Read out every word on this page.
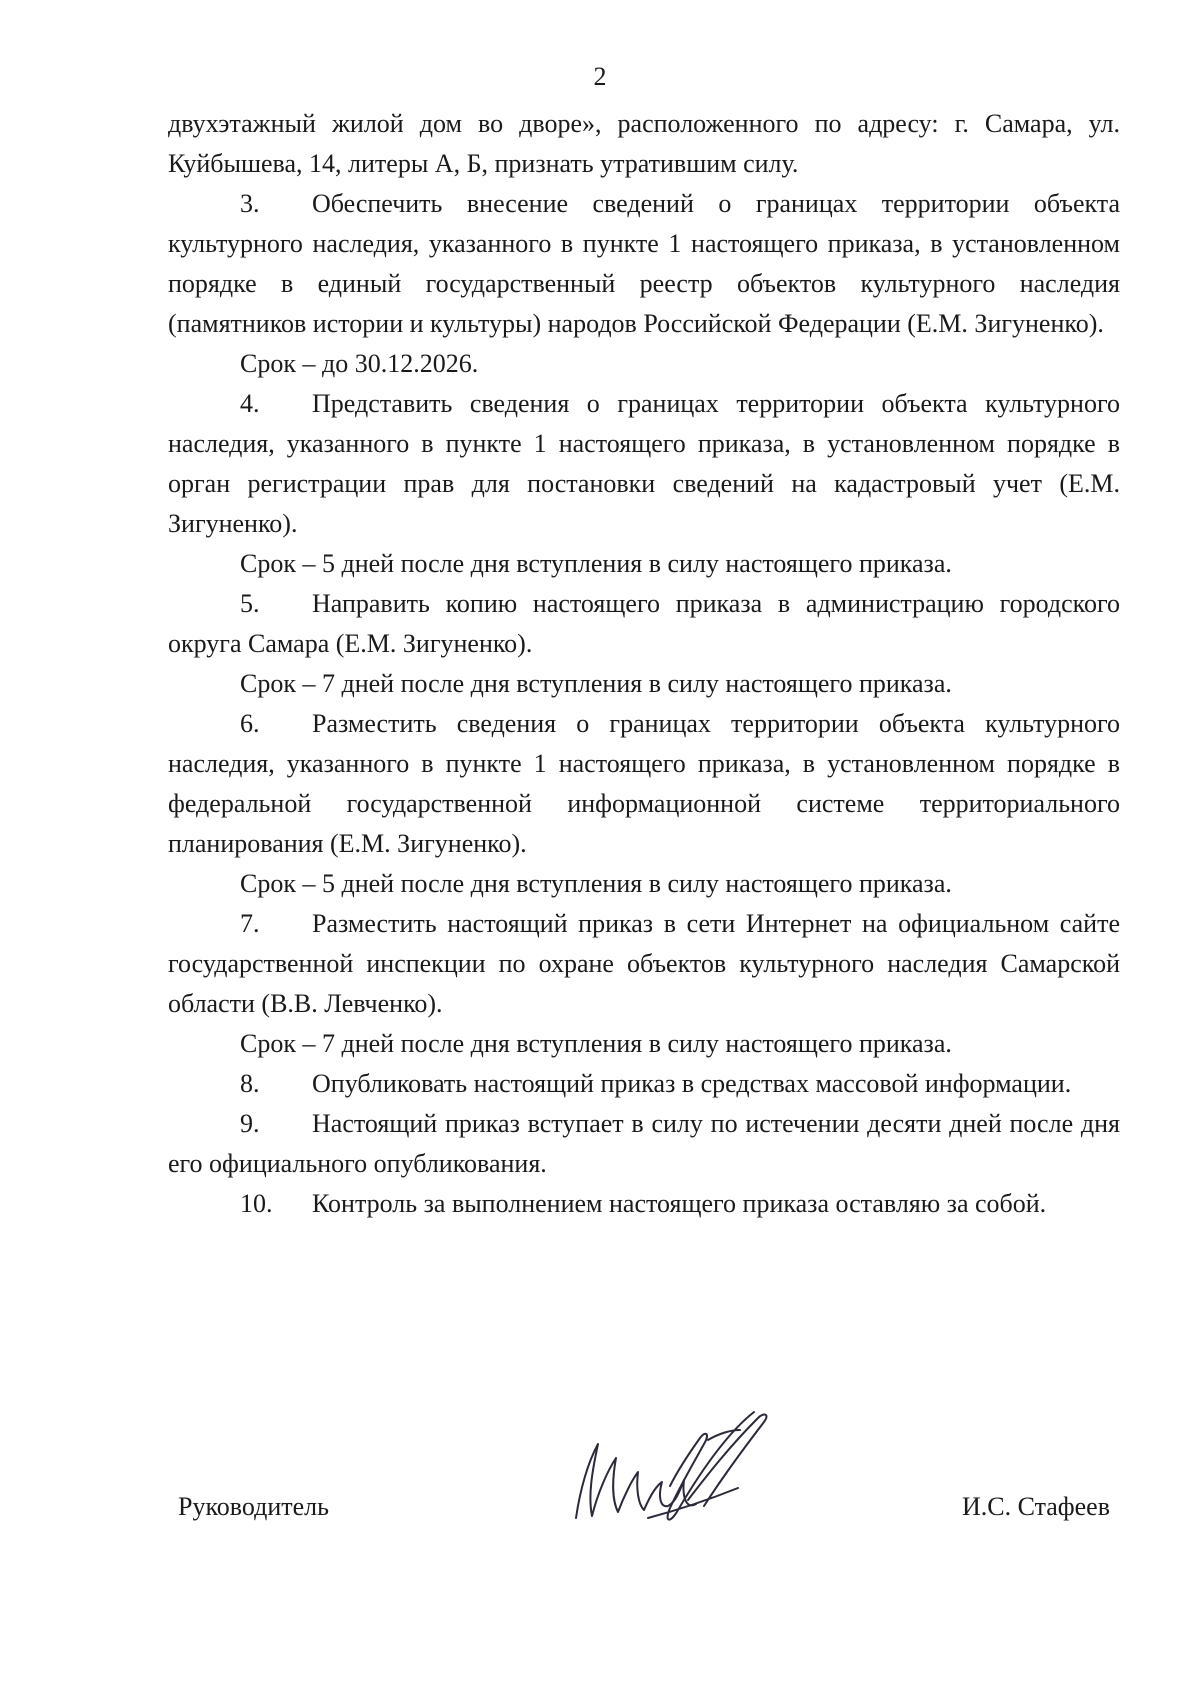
2

двухэтажный жилой дом во дворе», расположенного по адресу: г. Самара, ул. Куйбышева, 14, литеры А, Б, признать утратившим силу.

3. Обеспечить внесение сведений о границах территории объекта культурного наследия, указанного в пункте 1 настоящего приказа, в установленном порядке в единый государственный реестр объектов культурного наследия (памятников истории и культуры) народов Российской Федерации (Е.М. Зигуненко).

Срок – до 30.12.2026.

4. Представить сведения о границах территории объекта культурного наследия, указанного в пункте 1 настоящего приказа, в установленном порядке в орган регистрации прав для постановки сведений на кадастровый учет (Е.М. Зигуненко).

Срок – 5 дней после дня вступления в силу настоящего приказа.

5. Направить копию настоящего приказа в администрацию городского округа Самара (Е.М. Зигуненко).

Срок – 7 дней после дня вступления в силу настоящего приказа.

6. Разместить сведения о границах территории объекта культурного наследия, указанного в пункте 1 настоящего приказа, в установленном порядке в федеральной государственной информационной системе территориального планирования (Е.М. Зигуненко).

Срок – 5 дней после дня вступления в силу настоящего приказа.

7. Разместить настоящий приказ в сети Интернет на официальном сайте государственной инспекции по охране объектов культурного наследия Самарской области (В.В. Левченко).

Срок – 7 дней после дня вступления в силу настоящего приказа.

8. Опубликовать настоящий приказ в средствах массовой информации.

9. Настоящий приказ вступает в силу по истечении десяти дней после дня его официального опубликования.

10. Контроль за выполнением настоящего приказа оставляю за собой.

Руководитель	И.С. Стафеев
